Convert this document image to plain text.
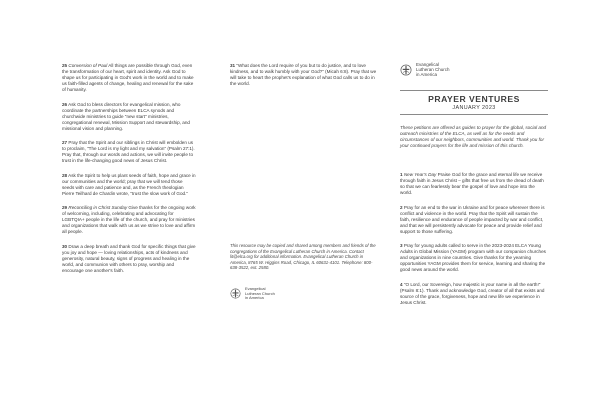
25 Conversion of Paul All things are possible through God, even the transformation of our heart, spirit and identity. Ask God to shape us for participating in God's work in the world and to make us faith-filled agents of change, healing and renewal for the sake of humanity.

26 Ask God to bless directors for evangelical mission, who coordinate the partnerships between ELCA synods and churchwide ministries to guide "new start" ministries, congregational renewal, Mission Support and stewardship, and missional vision and planning.

27 Pray that the Spirit and our siblings in Christ will embolden us to proclaim, "The Lord is my light and my salvation" (Psalm 27:1). Pray that, through our words and actions, we will invite people to trust in the life-changing good news of Jesus Christ.

28 Ask the Spirit to help us plant seeds of faith, hope and grace in our communities and the world; pray that we will tend those seeds with care and patience and, as the French theologian Pierre Teilhard de Chardin wrote, "trust the slow work of God."

29 Reconciling in Christ Sunday Give thanks for the ongoing work of welcoming, including, celebrating and advocating for LGBTQIA+ people in the life of the church, and pray for ministries and organizations that walk with us as we strive to love and affirm all people.

30 Draw a deep breath and thank God for specific things that give you joy and hope — loving relationships, acts of kindness and generosity, natural beauty, signs of progress and healing in the world, and communion with others to pray, worship and encourage one another's faith.

31 "What does the Lord require of you but to do justice, and to love kindness, and to walk humbly with your God?" (Micah 6:8). Pray that we will take to heart the prophet's explanation of what God calls us to do in the world.

This resource may be copied and shared among members and friends of the congregations of the Evangelical Lutheran Church in America. Contact lit@elca.org for additional information. Evangelical Lutheran Church in America, 8765 W. Higgins Road, Chicago, IL 60631-4101. Telephone: 800-638-3522, ext. 2580.

Evangelical
Lutheran Church
in America
Evangelical
Lutheran Church
in America
PRAYER VENTURES

JANUARY 2023

These petitions are offered as guides to prayer for the global, social and outreach ministries of the ELCA, as well as for the needs and circumstances of our neighbors, communities and world. Thank you for your continued prayers for the life and mission of this church.

1 New Year's Day Praise God for the grace and eternal life we receive through faith in Jesus Christ – gifts that free us from the dread of death so that we can fearlessly bear the gospel of love and hope into the world.

2 Pray for an end to the war in Ukraine and for peace wherever there is conflict and violence in the world. Pray that the Spirit will sustain the faith, resilience and endurance of people impacted by war and conflict, and that we will persistently advocate for peace and provide relief and support to those suffering.

3 Pray for young adults called to serve in the 2023-2024 ELCA Young Adults in Global Mission (YAGM) program with our companion churches and organizations in nine countries. Give thanks for the yearning opportunities YAGM provides them for service, learning and sharing the good news around the world.

4 "O Lord, our Sovereign, how majestic is your name in all the earth!" (Psalm 8:1). Thank and acknowledge God, creator of all that exists and source of the grace, forgiveness, hope and new life we experience in Jesus Christ.
